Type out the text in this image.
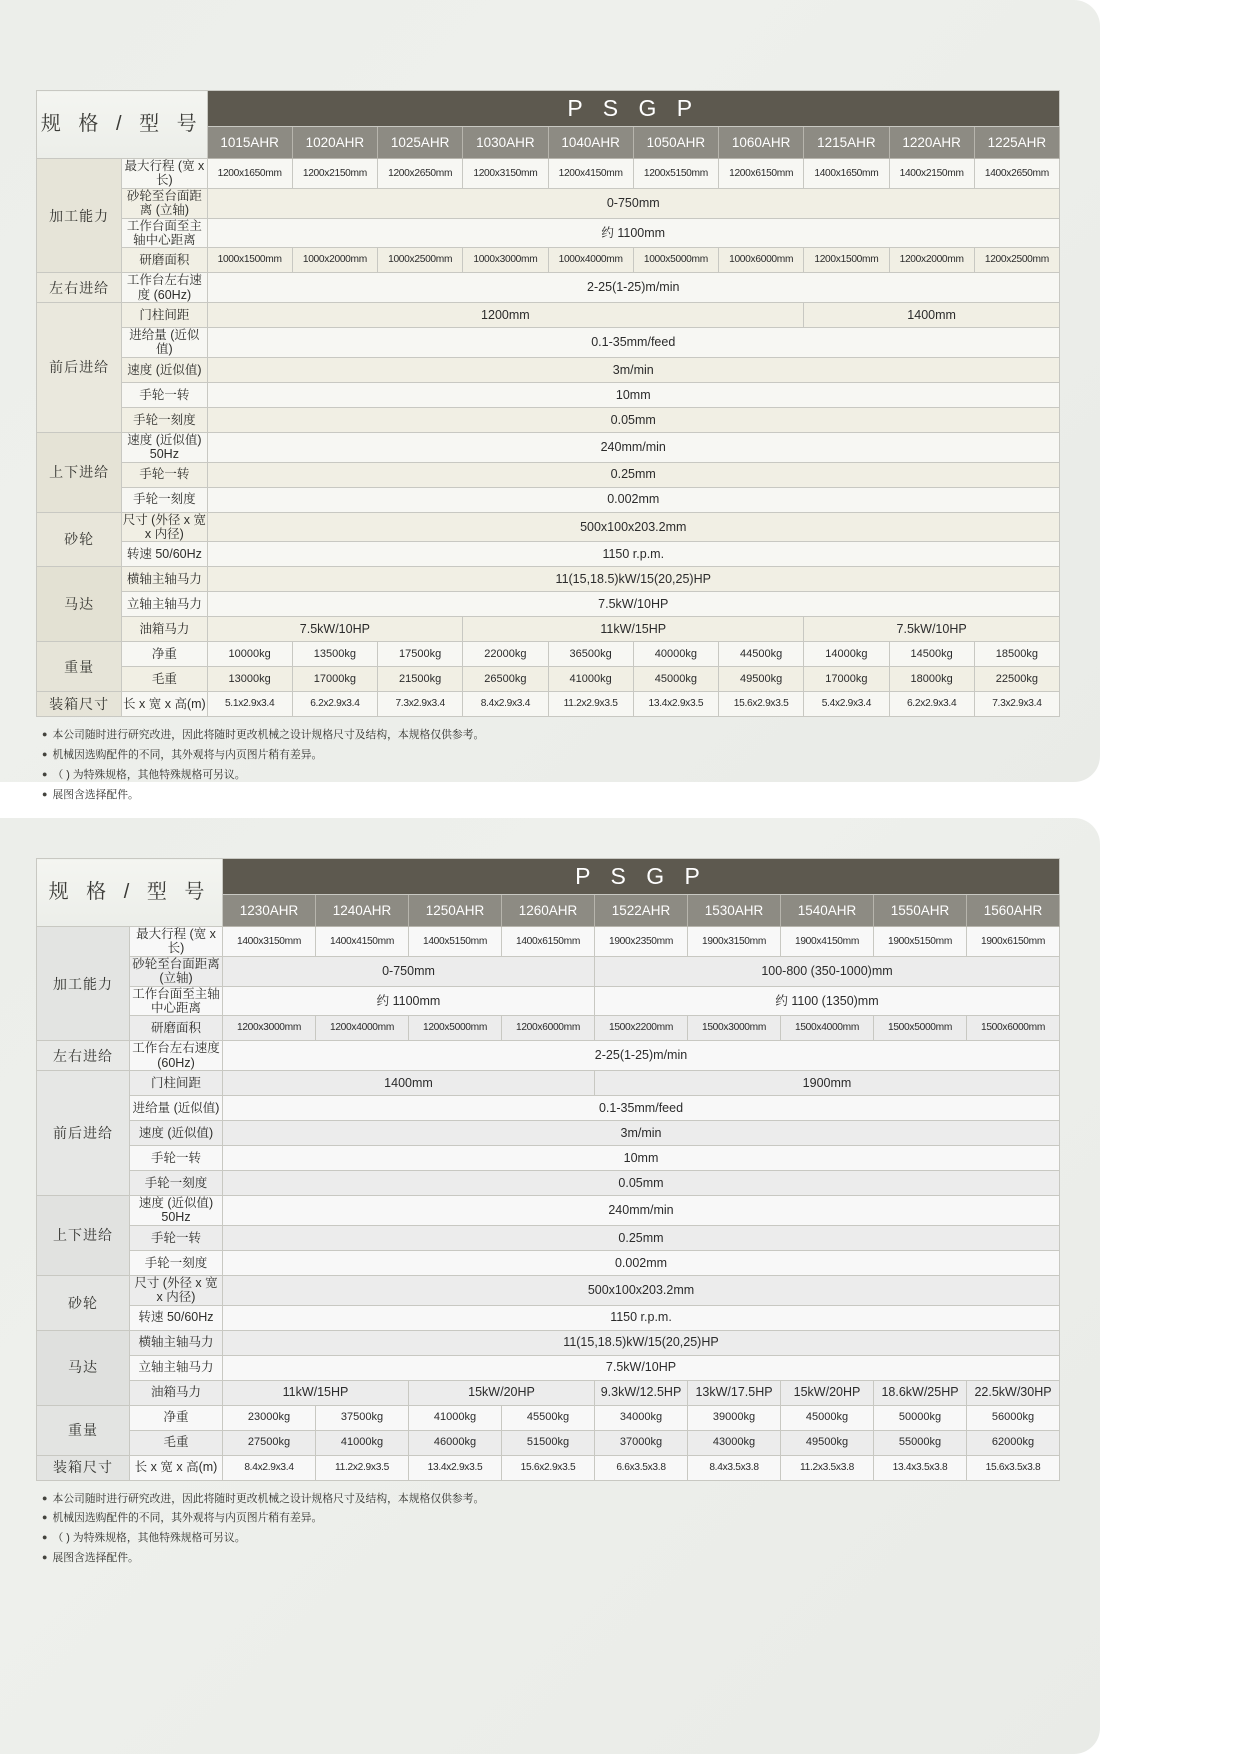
规 格 / 型 号		P S G P									
		1015AHR	1020AHR	1025AHR	1030AHR	1040AHR	1050AHR	1060AHR	1215AHR	1220AHR	1225AHR
加工能力	最大行程 (宽 x 长)	1200x1650mm	1200x2150mm	1200x2650mm	1200x3150mm	1200x4150mm	1200x5150mm	1200x6150mm	1400x1650mm	1400x2150mm	1400x2650mm
	砂轮至台面距离 (立轴)	0-750mm									
	工作台面至主轴中心距离	约 1100mm									
	研磨面积	1000x1500mm	1000x2000mm	1000x2500mm	1000x3000mm	1000x4000mm	1000x5000mm	1000x6000mm	1200x1500mm	1200x2000mm	1200x2500mm
左右进给	工作台左右速度 (60Hz)	2-25(1-25)m/min									
前后进给	门柱间距	1200mm							1400mm		
	进给量 (近似值)	0.1-35mm/feed									
	速度 (近似值)	3m/min									
	手轮一转	10mm									
	手轮一刻度	0.05mm									
上下进给	速度 (近似值) 50Hz	240mm/min									
	手轮一转	0.25mm									
	手轮一刻度	0.002mm									
砂轮	尺寸 (外径 x 宽 x 内径)	500x100x203.2mm									
	转速 50/60Hz	1150 r.p.m.									
马达	横轴主轴马力	11(15,18.5)kW/15(20,25)HP									
	立轴主轴马力	7.5kW/10HP									
	油箱马力	7.5kW/10HP			11kW/15HP				7.5kW/10HP		
重量	净重	10000kg	13500kg	17500kg	22000kg	36500kg	40000kg	44500kg	14000kg	14500kg	18500kg
	毛重	13000kg	17000kg	21500kg	26500kg	41000kg	45000kg	49500kg	17000kg	18000kg	22500kg
装箱尺寸	长 x 宽 x 高(m)	5.1x2.9x3.4	6.2x2.9x3.4	7.3x2.9x3.4	8.4x2.9x3.4	11.2x2.9x3.5	13.4x2.9x3.5	15.6x2.9x3.5	5.4x2.9x3.4	6.2x2.9x3.4	7.3x2.9x3.4
● 本公司随时进行研究改进，因此将随时更改机械之设计规格尺寸及结构，本规格仅供参考。
● 机械因选购配件的不同，其外观将与内页图片稍有差异。
● （ ) 为特殊规格，其他特殊规格可另议。
● 展图含选择配件。
规 格 / 型 号		P S G P								
		1230AHR	1240AHR	1250AHR	1260AHR	1522AHR	1530AHR	1540AHR	1550AHR	1560AHR
加工能力	最大行程 (宽 x 长)	1400x3150mm	1400x4150mm	1400x5150mm	1400x6150mm	1900x2350mm	1900x3150mm	1900x4150mm	1900x5150mm	1900x6150mm
	砂轮至台面距离 (立轴)	0-750mm				100-800 (350-1000)mm				
	工作台面至主轴中心距离	约 1100mm				约 1100 (1350)mm				
	研磨面积	1200x3000mm	1200x4000mm	1200x5000mm	1200x6000mm	1500x2200mm	1500x3000mm	1500x4000mm	1500x5000mm	1500x6000mm
左右进给	工作台左右速度 (60Hz)	2-25(1-25)m/min								
前后进给	门柱间距	1400mm				1900mm				
	进给量 (近似值)	0.1-35mm/feed								
	速度 (近似值)	3m/min								
	手轮一转	10mm								
	手轮一刻度	0.05mm								
上下进给	速度 (近似值) 50Hz	240mm/min								
	手轮一转	0.25mm								
	手轮一刻度	0.002mm								
砂轮	尺寸 (外径 x 宽 x 内径)	500x100x203.2mm								
	转速 50/60Hz	1150 r.p.m.								
马达	横轴主轴马力	11(15,18.5)kW/15(20,25)HP								
	立轴主轴马力	7.5kW/10HP								
	油箱马力	11kW/15HP		15kW/20HP		9.3kW/12.5HP	13kW/17.5HP	15kW/20HP	18.6kW/25HP	22.5kW/30HP
重量	净重	23000kg	37500kg	41000kg	45500kg	34000kg	39000kg	45000kg	50000kg	56000kg
	毛重	27500kg	41000kg	46000kg	51500kg	37000kg	43000kg	49500kg	55000kg	62000kg
装箱尺寸	长 x 宽 x 高(m)	8.4x2.9x3.4	11.2x2.9x3.5	13.4x2.9x3.5	15.6x2.9x3.5	6.6x3.5x3.8	8.4x3.5x3.8	11.2x3.5x3.8	13.4x3.5x3.8	15.6x3.5x3.8
● 本公司随时进行研究改进，因此将随时更改机械之设计规格尺寸及结构，本规格仅供参考。
● 机械因选购配件的不同，其外观将与内页图片稍有差异。
● （ ) 为特殊规格，其他特殊规格可另议。
● 展图含选择配件。
